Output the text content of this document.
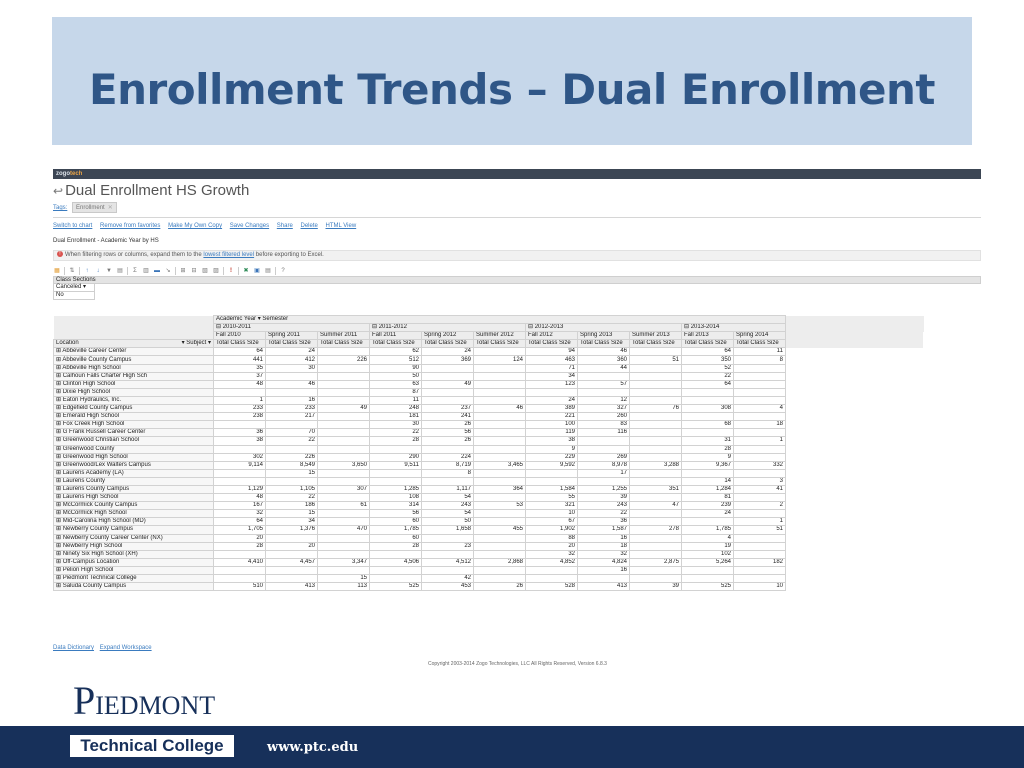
Enrollment Trends – Dual Enrollment
zogotech
↩ Dual Enrollment HS Growth
Tags: Enrollment ✕
Switch to chart Remove from favorites Make My Own Copy Save Changes Share Delete HTML View
Dual Enrollment - Academic Year by HS
! When filtering rows or columns, expand them to the lowest filtered level before exporting to Excel.
▦ ⇅	↑	↓	▼ ▤	Σ	▥ ▬ ↘ ⊞ ⊟ ▧ ▨	!	✖ ▣ ▤	?
Class Sections
Canceled ▾
No
	Academic Year ▾ Semester											
	⊟ 2010-2011			⊟ 2011-2012			⊟ 2012-2013			⊟ 2013-2014		
	Fall 2010	Spring 2011	Summer 2011	Fall 2011	Spring 2012	Summer 2012	Fall 2012	Spring 2013	Summer 2013	Fall 2013	Spring 2014	
Location ▾ Subject ▾	Total Class Size	Total Class Size	Total Class Size	Total Class Size	Total Class Size	Total Class Size	Total Class Size	Total Class Size	Total Class Size	Total Class Size	Total Class Size	
⊞ Abbeville Career Center	64	24		62	24		94	46		64	11	
⊞ Abbeville County Campus	441	412	226	512	369	124	463	360	51	350	8	
⊞ Abbeville High School	35	30		90			71	44		52		
⊞ Calhoun Falls Charter High Sch	37			50			34			22		
⊞ Clinton High School	48	46		63	49		123	57		64		
⊞ Dixie High School				87								
⊞ Eaton Hydraulics, Inc.	1	16		11			24	12				
⊞ Edgefield County Campus	233	233	49	248	237	46	389	327	76	308	4	
⊞ Emerald High School	238	217		181	241		221	260				
⊞ Fox Creek High School				30	26		100	83		68	18	
⊞ G Frank Russell Career Center	36	70		22	56		119	116				
⊞ Greenwood Christian School	38	22		28	26		38			31	1	
⊞ Greenwood County							9			28		
⊞ Greenwood High School	302	226		290	224		229	269		9		
⊞ Greenwood/Lex Walters Campus	9,114	8,549	3,650	9,511	8,719	3,465	9,592	8,978	3,288	9,367	332	
⊞ Laurens Academy (LA)		15			8			17				
⊞ Laurens County										14	3	
⊞ Laurens County Campus	1,129	1,105	307	1,285	1,117	364	1,584	1,255	351	1,284	41	
⊞ Laurens High School	48	22		108	54		55	39		81		
⊞ McCormick County Campus	167	186	61	314	243	53	321	243	47	239	2	
⊞ McCormick High School	32	15		56	54		10	22		24		
⊞ Mid-Carolina High School (MD)	64	34		60	50		67	36			1	
⊞ Newberry County Campus	1,705	1,376	470	1,785	1,658	455	1,902	1,587	278	1,785	51	
⊞ Newberry County Career Center (NX)	20			60			88	16		4		
⊞ Newberry High School	28	20		28	23		20	18		19		
⊞ Ninety Six High School (XH)							32	32		102		
⊞ Off-Campus Location	4,410	4,457	3,347	4,506	4,512	2,868	4,852	4,824	2,875	5,264	182	
⊞ Pelion High School								16				
⊞ Piedmont Technical College			15		42							
⊞ Saluda County Campus	510	413	113	525	453	26	528	413	39	525	10	
Data Dictionary Expand Workspace
Copyright 2003-2014 Zogo Technologies, LLC All Rights Reserved, Version 6.8.3
www.ptc.edu
PIEDMONT
Technical College
